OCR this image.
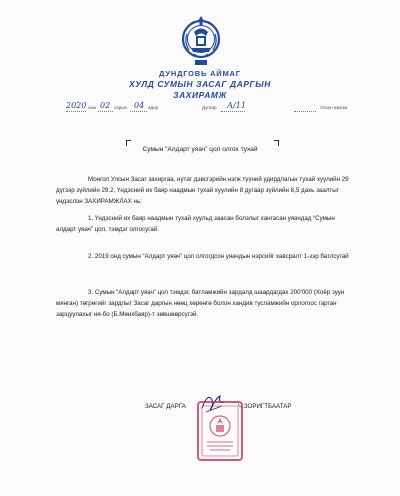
ДУНДГОВЬ АЙМАГ
ХУЛД СУМЫН ЗАСАГ ДАРГЫН
ЗАХИРАМЖ
2020 оны 02 сарын 04 өдөр	Дугаар А/11	Улаан жирэм
Сумын “Алдарт уяач” цол олгох тухай
Монгол Улсын Засаг захиргаа, нутаг дэвсгэрийн нэгж түүний удирдлагын тухай хуулийн 29 дүгээр зүйлийн 29.2, Үндэсний их баяр наадмын тухай хуулийн 8 дугаар зүйлийн 8,5 дахь заалтыг үндэслэн ЗАХИРАМЖЛАХ нь:
1. Үндэсний их баяр наадмын тухай хуульд заасан болзлыг хангасан уяачдад “Сумын алдарт уяач” цол, тэмдэг олгосугай.
2. 2019 онд сумын “Алдарт уяач” цол олгогдсон уяачдын нэрсийг хавсралт 1-зэр батлсугай
3. Сумын “Алдарт уяач” цол тэмдэг, батламжийн зардалд шаардагдах 200'000 (Хоёр зуун мянган) төгрөгийг зардлыг Засаг даргын нөөц хөрөнгө болон хандив тусламжийн орлогоос гарган зарцуулахыг ня-бо (Б.Мөнхбаяр)-т зөвшөөрсүгэй.
ЗАСАГ ДАРГА	Ч.ЗОРИГТБААТАР
